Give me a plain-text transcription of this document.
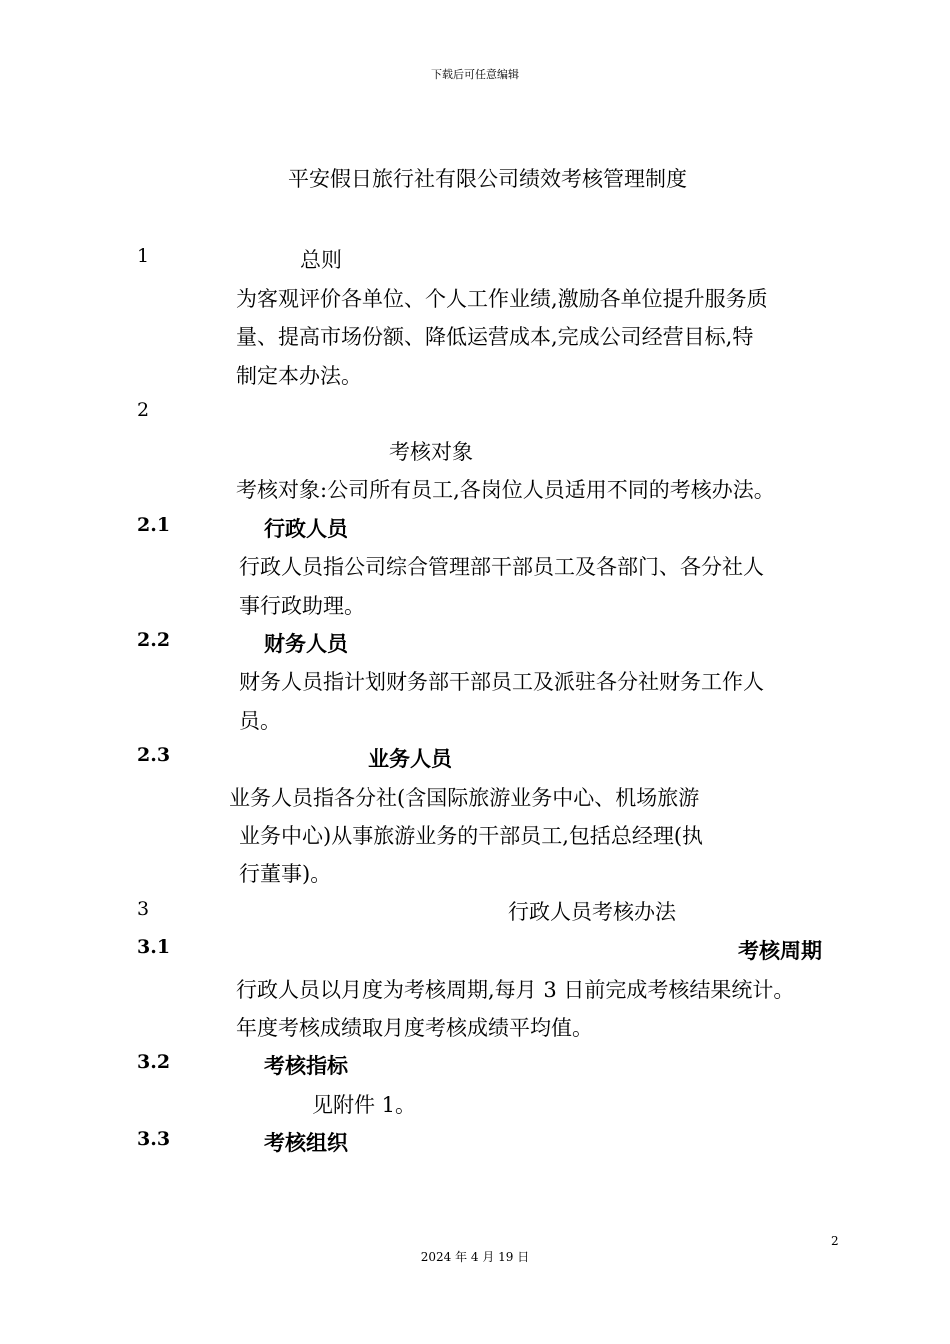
下载后可任意编辑
平安假日旅行社有限公司绩效考核管理制度
1	总则
为客观评价各单位、个人工作业绩,激励各单位提升服务质
量、提高市场份额、降低运营成本,完成公司经营目标,特
制定本办法。
2
考核对象
考核对象:公司所有员工,各岗位人员适用不同的考核办法。
2.1	行政人员
行政人员指公司综合管理部干部员工及各部门、各分社人
事行政助理。
2.2	财务人员
财务人员指计划财务部干部员工及派驻各分社财务工作人
员。
2.3	业务人员
业务人员指各分社(含国际旅游业务中心、机场旅游
业务中心)从事旅游业务的干部员工,包括总经理(执
行董事)。
3	行政人员考核办法
3.1	考核周期
行政人员以月度为考核周期,每月 3 日前完成考核结果统计。
年度考核成绩取月度考核成绩平均值。
3.2	考核指标
见附件 1。
3.3	考核组织
2
2024 年 4 月 19 日
